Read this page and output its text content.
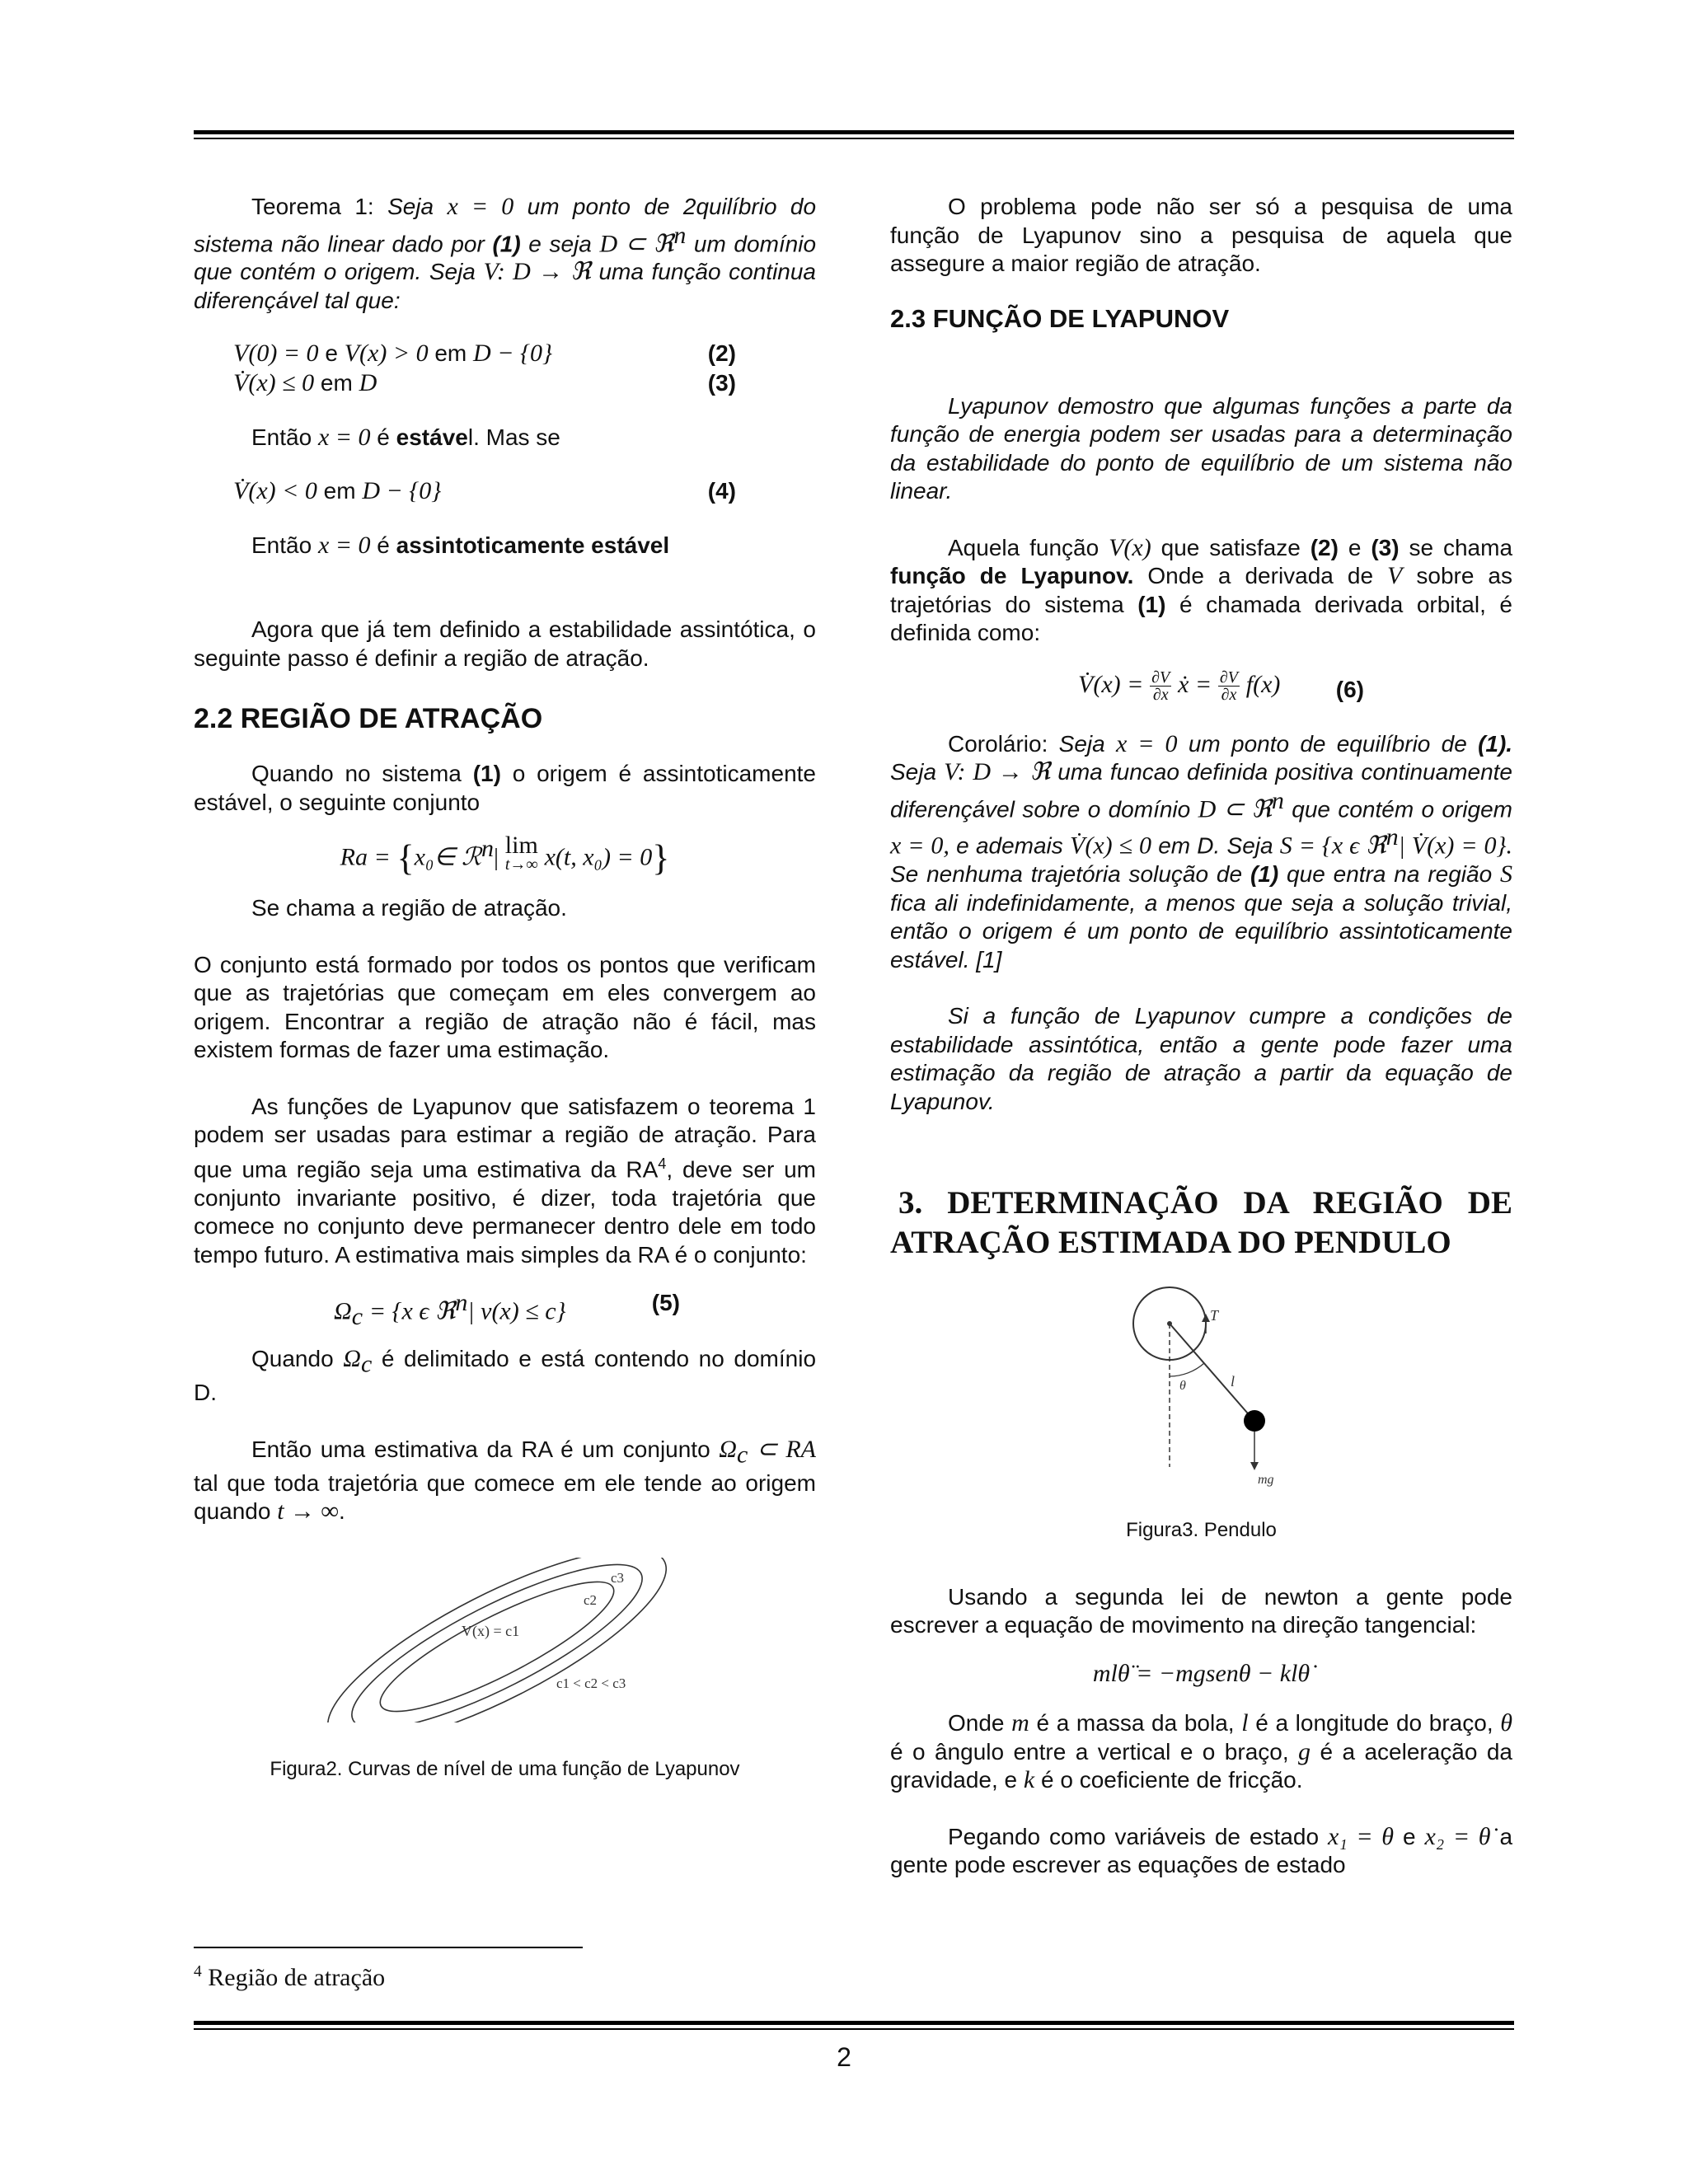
Teorema 1: Seja x = 0 um ponto de 2quilíbrio do sistema não linear dado por (1) e seja D ⊂ ℜ$^n$ um domínio que contém o origem. Seja V: D → ℜ uma função continua diferençável tal que:

V(0) = 0 e V(x) > 0 em D − {0}	(2)
V̇(x) ≤ 0 em D	(3)

Então x = 0 é estável. Mas se

V̇(x) < 0 em D − {0}	(4)

Então x = 0 é assintoticamente estável

Agora que já tem definido a estabilidade assintótica, o seguinte passo é definir a região de atração.

2.2 REGIÃO DE ATRAÇÃO

Quando no sistema (1) o origem é assintoticamente estável, o seguinte conjunto

Ra = {x₀∈ ℛ$^n$| lim
t→∞ x(t, x₀) = 0}

Se chama a região de atração.

O conjunto está formado por todos os pontos que verificam que as trajetórias que começam em eles convergem ao origem. Encontrar a região de atração não é fácil, mas existem formas de fazer uma estimação.

As funções de Lyapunov que satisfazem o teorema 1 podem ser usadas para estimar a região de atração. Para que uma região seja uma estimativa da $RA^4$, deve ser um conjunto invariante positivo, é dizer, toda trajetória que comece no conjunto deve permanecer dentro dele em todo tempo futuro. A estimativa mais simples da RA é o conjunto:

$\Omega_c = \{x$ ϵ ℜ$^n$| v(x) ≤ c}	(5)

Quando $\Omega_c$ é delimitado e está contendo no domínio D.

Então uma estimativa da RA é um conjunto $\Omega_c$ ⊂ RA tal que toda trajetória que comece em ele tende ao origem quando t → ∞.

c3
c2
V(x) = c1
c1 < c2 < c3

Figura2. Curvas de nível de uma função de Lyapunov

O problema pode não ser só a pesquisa de uma função de Lyapunov sino a pesquisa de aquela que assegure a maior região de atração.

2.3 FUNÇÃO DE LYAPUNOV

Lyapunov demostro que algumas funções a parte da função de energia podem ser usadas para a determinação da estabilidade do ponto de equilíbrio de um sistema não linear.

Aquela função V(x) que satisfaze (2) e (3) se chama função de Lyapunov. Onde a derivada de V sobre as trajetórias do sistema (1) é chamada derivada orbital, é definida como:

V̇(x) = $\frac{\partial V}{\partial x}$ ẋ = $\frac{\partial V}{\partial x} f(x)$ (6)

Corolário: Seja x = 0 um ponto de equilíbrio de (1). Seja V: D → ℜ uma funcao definida positiva continuamente diferençável sobre o domínio D ⊂ ℜ$^n$ que contém o origem x = 0, e ademais V̇(x) ≤ 0 em D. Seja S = {x ϵ ℜ$^n$| V̇(x) = 0}. Se nenhuma trajetória solução de (1) que entra na região S fica ali indefinidamente, a menos que seja a solução trivial, então o origem é um ponto de equilíbrio assintoticamente estável. [1]

Si a função de Lyapunov cumpre a condições de estabilidade assintótica, então a gente pode fazer uma estimação da região de atração a partir da equação de Lyapunov.

3. DETERMINAÇÃO DA REGIÃO DE

ATRAÇÃO ESTIMADA DO PENDULO

T
θ	l
mg

Figura3. Pendulo

Usando a segunda lei de newton a gente pode escrever a equação de movimento na direção tangencial:

mlθ̈ = −mgsenθ − klθ̇

Onde m é a massa da bola, l é a longitude do braço, θ é o ângulo entre a vertical e o braço, g é a aceleração da gravidade, e k é o coeficiente de fricção.

Pegando como variáveis de estado x₁ = θ e x₂ = θ̇ a gente pode escrever as equações de estado

$^4$ Região de atração
2
